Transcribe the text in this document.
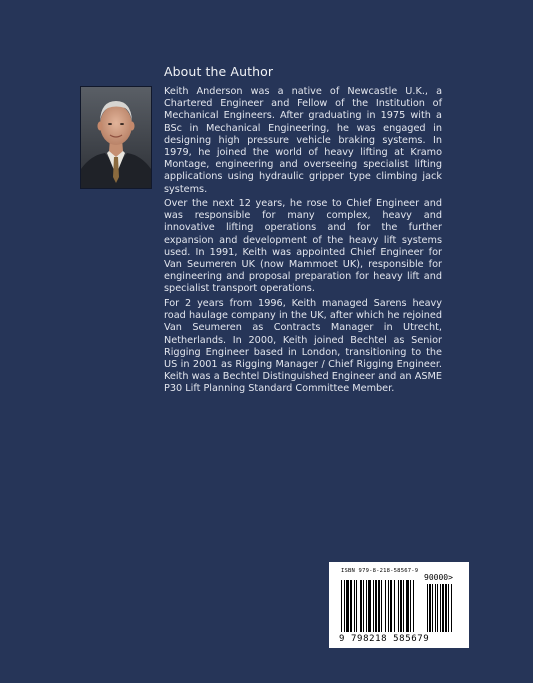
About the Author
Keith Anderson was a native of Newcastle U.K., a Chartered Engineer and Fellow of the Institution of Mechanical Engineers. After graduating in 1975 with a BSc in Mechanical Engineering, he was engaged in designing high pressure vehicle braking systems. In 1979, he joined the world of heavy lifting at Kramo Montage, engineering and overseeing specialist lifting applications using hydraulic gripper type climbing jack systems.
Over the next 12 years, he rose to Chief Engineer and was responsible for many complex, heavy and innovative lifting operations and for the further expansion and development of the heavy lift systems used. In 1991, Keith was appointed Chief Engineer for Van Seumeren UK (now Mammoet UK), responsible for engineering and proposal preparation for heavy lift and specialist transport operations.
For 2 years from 1996, Keith managed Sarens heavy road haulage company in the UK, after which he rejoined Van Seumeren as Contracts Manager in Utrecht, Netherlands. In 2000, Keith joined Bechtel as Senior Rigging Engineer based in London, transitioning to the US in 2001 as Rigging Manager / Chief Rigging Engineer. Keith was a Bechtel Distinguished Engineer and an ASME P30 Lift Planning Standard Committee Member.
ISBN 979-8-218-58567-9
90000>
9 798218 585679
